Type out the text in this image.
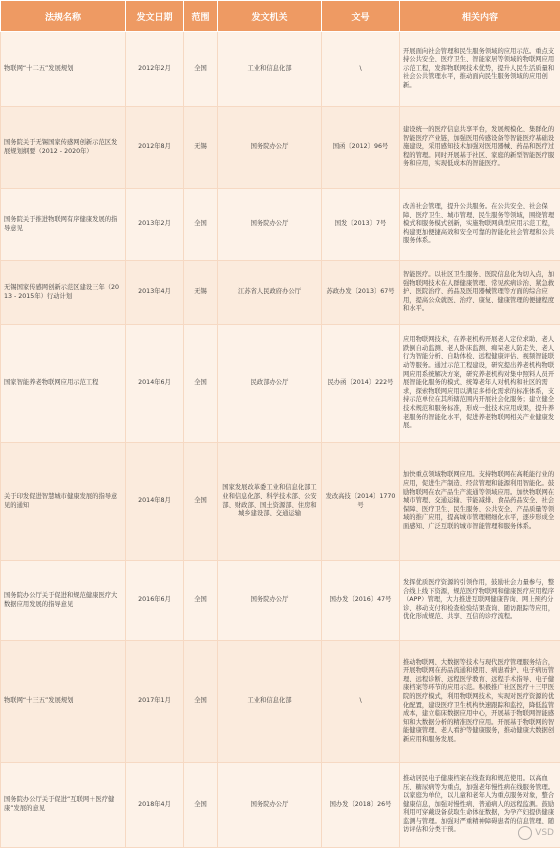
法规名称	发文日期	范围	发文机关	文号	相关内容
物联网“十二五”发展规划	2012年2月	全国	工业和信息化部	\	开展面向社会管理和民生服务领域的应用示范。重点支持公共安全、医疗卫生、智能家居等领域的物联网应用示范工程，发挥物联网技术优势，提升人民生活质量和社会公共管理水平，推动面向民生服务领域的应用创新。
国务院关于无锡国家传感网创新示范区发展规划纲要（2012 - 2020年）	2012年8月	无锡	国务院办公厅	国函〔2012〕96号	建设统一的医疗信息共享平台，发展规模化、集群化的智能医疗产业链，加强医用传感设备等智能医疗基础设施建设，采用感知技术加强对医用器械、药品和医疗过程的管理。同时开展基于社区、家庭的新型智能医疗服务和应用，实现低成本的智能医疗。
国务院关于推进物联网有序健康发展的指导意见	2013年2月	全国	国务院办公厅	国发〔2013〕7号	改善社会管理，提升公共服务。在公共安全、社会保障、医疗卫生、城市管理、民生服务等领域，围绕管理模式和服务模式创新，实施物联网典型应用示范工程，构建更加便捷高效和安全可靠的智能化社会管理和公共服务体系。
无锡国家传感网创新示范区建设三年（2013 - 2015年）行动计划	2013年4月	无锡	江苏省人民政府办公厅	苏政办发〔2013〕67号	智能医疗。以社区卫生服务、医院信息化为切入点，加强物联网技术在人群健康管理、常见疾病诊治、紧急救护、医院治疗、药品及医用器械管理等方面的综合应用，提高公众就医、治疗、康复、健康管理的便捷程度和水平。
国家智能养老物联网应用示范工程	2014年6月	全国	民政部办公厅	民办函〔2014〕222号	应用物联网技术，在养老机构开展老人定位求助、老人跌倒自动监测、老人卧床监测、痴呆老人防走失、老人行为智能分析、自助体检、远程健康评估、视频智能联动等服务。通过示范工程建设，研究提出养老机构物联网应用系统解决方案，研究养老机构对集中照料人员开展智能化服务的模式、统筹老年人对机构和社区的需求，探索物联网应用以满足多样化需求的标准体系，支持示范单位在其所辖范围内开展社会化服务；建立健全技术规范和服务标准，形成一批技术应用成果，提升养老服务的智能化水平，促进养老物联网相关产业健康发展。
关于印发促进智慧城市健康发展的指导意见的通知	2014年8月	全国	国家发展改革委工业和信息化部工业和信息化部、科学技术部、公安部、财政部、国土资源部、住房和城乡建设部、交通运输	发改高技〔2014〕1770号	加快重点领域物联网应用。支持物联网在高耗能行业的应用，促进生产制造、经营管理和能源利用智能化。鼓励物联网在农产品生产流通等领域应用。加快物联网在城市管理、交通运输、节能减排、食品药品安全、社会保障、医疗卫生、民生服务、公共安全、产品质量等领域的推广应用，提高城市管理精细化水平，逐步形成全面感知、广泛互联的城市智能管理和服务体系。
国务院办公厅关于促进和规范健康医疗大数据应用发展的指导意见	2016年6月	全国	国务院办公厅	国办发〔2016〕47号	发挥优质医疗资源的引领作用，鼓励社会力量参与，整合线上线下资源，规范医疗物联网和健康医疗应用程序（APP）管理，大力推进互联网健康咨询、网上预约分诊、移动支付和检查检验结果查询、随访跟踪等应用，优化形成规范、共享、互信的诊疗流程。
物联网“十三五”发展规划	2017年1月	全国	工业和信息化部	\	推动物联网、大数据等技术与现代医疗管理服务结合，开展物联网在药品流通和使用、病患看护、电子病历管理、远程诊断、远程医学教育、远程手术指导、电子健康档案等环节的应用示范。积极推广社区医疗＋三甲医院的医疗模式，利用物联网技术，实现对医疗资源的优化配置，建设医疗卫生机构快速跟踪和监控，降低监管成本，建立临床数据应用中心，开展基于物联网智能感知和大数据分析的精准医疗应用。开展基于物联网的智能健康管理、老人看护等健康服务，推动健康大数据创新应用和服务发展。
国务院办公厅关于促进“互联网＋医疗健康”发展的意见	2018年4月	全国	国务院办公厅	国办发〔2018〕26号	推动居民电子健康档案在线查询和规范使用。以高血压、糖尿病等为重点，加强老年慢性病在线服务管理。以家庭为单位，以儿童和老年人为重点服务对象，整合健康信息，加强对慢性病、普通病人的远程监测。鼓励利用可穿戴设备获取生命体征数据，为孕产妇提供健康监测与管理。加强对严重精神障碍患者的信息管理、随访评估和分类干预。
VSD
